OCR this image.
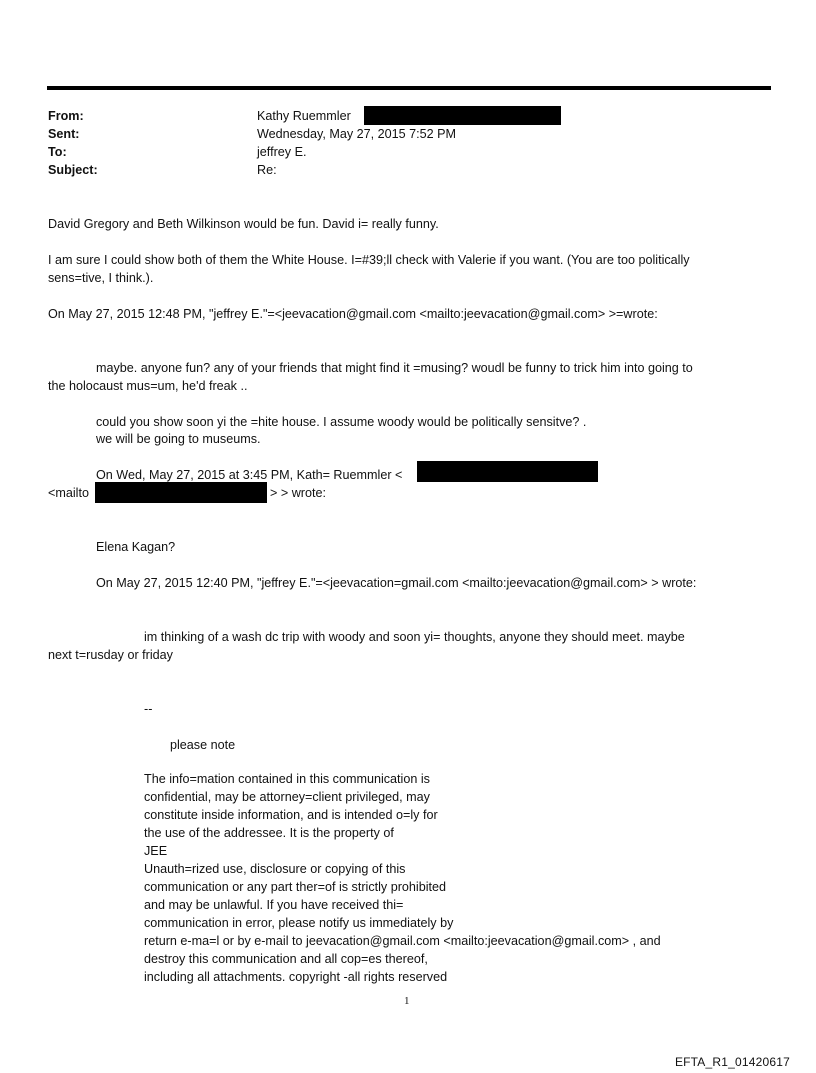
From:	Kathy Ruemmler
Sent:	Wednesday, May 27, 2015 7:52 PM
To:	jeffrey E.
Subject:	Re:
David Gregory and Beth Wilkinson would be fun. David i= really funny.
I am sure I could show both of them the White House. I=#39;ll check with Valerie if you want. (You are too politically
sens=tive, I think.).
On May 27, 2015 12:48 PM, "jeffrey E."=<jeevacation@gmail.com <mailto:jeevacation@gmail.com> >=wrote:
maybe. anyone fun? any of your friends that might find it =musing? woudl be funny to trick him into going to
the holocaust mus=um, he'd freak ..
could you show soon yi the =hite house. I assume woody would be politically sensitve? .
we will be going to museums.
On Wed, May 27, 2015 at 3:45 PM, Kath= Ruemmler <
<mailto	> > wrote:
Elena Kagan?
On May 27, 2015 12:40 PM, "jeffrey E."=<jeevacation=gmail.com <mailto:jeevacation@gmail.com> > wrote:
im thinking of a wash dc trip with woody and soon yi= thoughts, anyone they should meet. maybe
next t=rusday or friday
--
please note
The info=mation contained in this communication is
confidential, may be attorney=client privileged, may
constitute inside information, and is intended o=ly for
the use of the addressee. It is the property of
JEE
Unauth=rized use, disclosure or copying of this
communication or any part ther=of is strictly prohibited
and may be unlawful. If you have received thi=
communication in error, please notify us immediately by
return e-ma=l or by e-mail to jeevacation@gmail.com <mailto:jeevacation@gmail.com> , and
destroy this communication and all cop=es thereof,
including all attachments. copyright -all rights reserved
1
EFTA_R1_01420617
